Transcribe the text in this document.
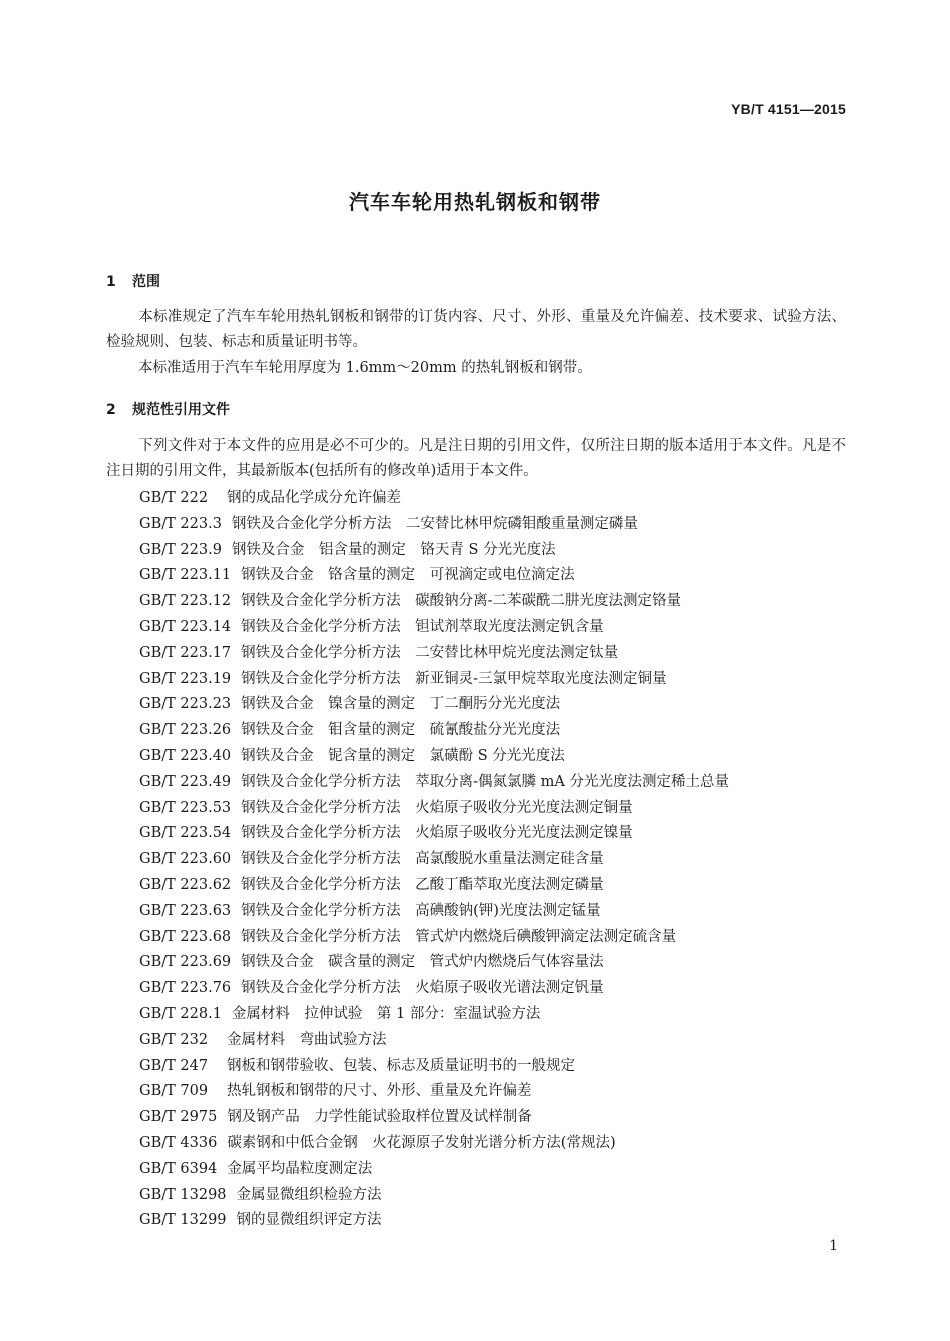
YB/T 4151—2015
汽车车轮用热轧钢板和钢带
1 范围
本标准规定了汽车车轮用热轧钢板和钢带的订货内容、尺寸、外形、重量及允许偏差、技术要求、试验方法、检验规则、包装、标志和质量证明书等。
本标准适用于汽车车轮用厚度为 1.6mm～20mm 的热轧钢板和钢带。
2 规范性引用文件
下列文件对于本文件的应用是必不可少的。凡是注日期的引用文件，仅所注日期的版本适用于本文件。凡是不注日期的引用文件，其最新版本(包括所有的修改单)适用于本文件。
GB/T 222 钢的成品化学成分允许偏差
GB/T 223.3 钢铁及合金化学分析方法　二安替比林甲烷磷钼酸重量测定磷量
GB/T 223.9 钢铁及合金　铝含量的测定　铬天青 S 分光光度法
GB/T 223.11 钢铁及合金　铬含量的测定　可视滴定或电位滴定法
GB/T 223.12 钢铁及合金化学分析方法　碳酸钠分离-二苯碳酰二肼光度法测定铬量
GB/T 223.14 钢铁及合金化学分析方法　钽试剂萃取光度法测定钒含量
GB/T 223.17 钢铁及合金化学分析方法　二安替比林甲烷光度法测定钛量
GB/T 223.19 钢铁及合金化学分析方法　新亚铜灵-三氯甲烷萃取光度法测定铜量
GB/T 223.23 钢铁及合金　镍含量的测定　丁二酮肟分光光度法
GB/T 223.26 钢铁及合金　钼含量的测定　硫氰酸盐分光光度法
GB/T 223.40 钢铁及合金　铌含量的测定　氯磺酚 S 分光光度法
GB/T 223.49 钢铁及合金化学分析方法　萃取分离-偶氮氯膦 mA 分光光度法测定稀土总量
GB/T 223.53 钢铁及合金化学分析方法　火焰原子吸收分光光度法测定铜量
GB/T 223.54 钢铁及合金化学分析方法　火焰原子吸收分光光度法测定镍量
GB/T 223.60 钢铁及合金化学分析方法　高氯酸脱水重量法测定硅含量
GB/T 223.62 钢铁及合金化学分析方法　乙酸丁酯萃取光度法测定磷量
GB/T 223.63 钢铁及合金化学分析方法　高碘酸钠(钾)光度法测定锰量
GB/T 223.68 钢铁及合金化学分析方法　管式炉内燃烧后碘酸钾滴定法测定硫含量
GB/T 223.69 钢铁及合金　碳含量的测定　管式炉内燃烧后气体容量法
GB/T 223.76 钢铁及合金化学分析方法　火焰原子吸收光谱法测定钒量
GB/T 228.1 金属材料　拉伸试验　第 1 部分：室温试验方法
GB/T 232 金属材料　弯曲试验方法
GB/T 247 钢板和钢带验收、包装、标志及质量证明书的一般规定
GB/T 709 热轧钢板和钢带的尺寸、外形、重量及允许偏差
GB/T 2975 钢及钢产品　力学性能试验取样位置及试样制备
GB/T 4336 碳素钢和中低合金钢　火花源原子发射光谱分析方法(常规法)
GB/T 6394 金属平均晶粒度测定法
GB/T 13298 金属显微组织检验方法
GB/T 13299 钢的显微组织评定方法
1
